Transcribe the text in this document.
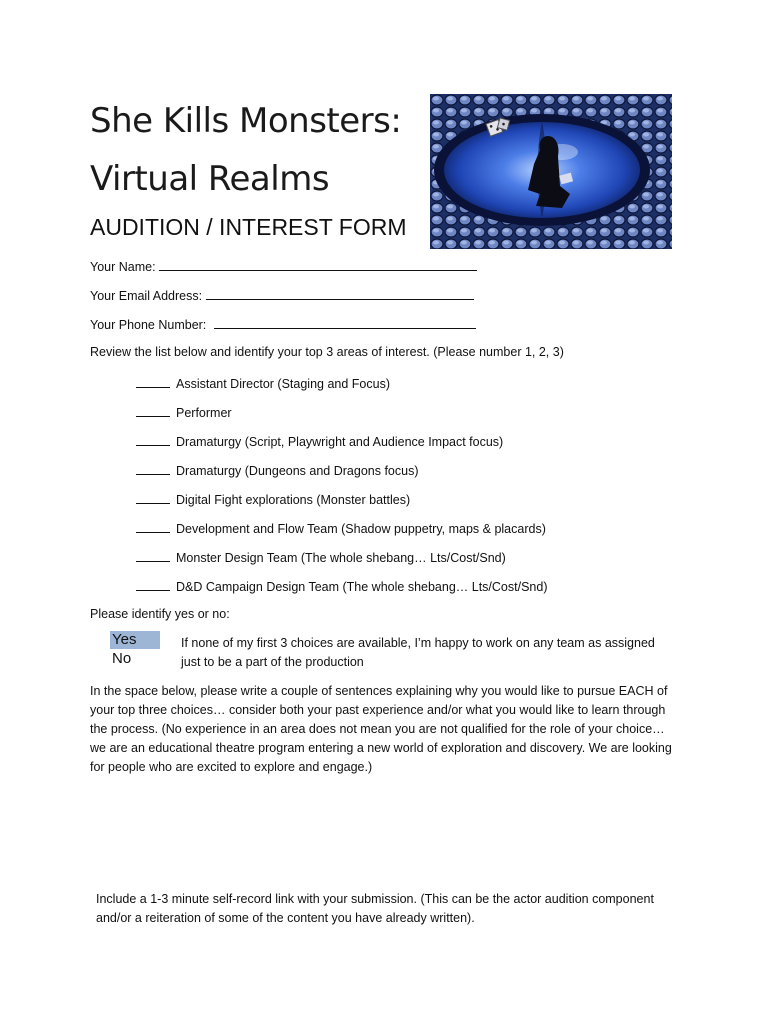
She Kills Monsters:
Virtual Realms
AUDITION / INTEREST FORM
Your Name:
Your Email Address:
Your Phone Number:
Review the list below and identify your top 3 areas of interest. (Please number 1, 2, 3)
Assistant Director (Staging and Focus)
Performer
Dramaturgy (Script, Playwright and Audience Impact focus)
Dramaturgy (Dungeons and Dragons focus)
Digital Fight explorations (Monster battles)
Development and Flow Team (Shadow puppetry, maps & placards)
Monster Design Team (The whole shebang… Lts/Cost/Snd)
D&D Campaign Design Team (The whole shebang… Lts/Cost/Snd)
Please identify yes or no:
Yes
No
If none of my first 3 choices are available, I’m happy to work on any team as assigned
just to be a part of the production
In the space below, please write a couple of sentences explaining why you would like to pursue EACH of
your top three choices… consider both your past experience and/or what you would like to learn through
the process. (No experience in an area does not mean you are not qualified for the role of your choice…
we are an educational theatre program entering a new world of exploration and discovery. We are looking
for people who are excited to explore and engage.)
Include a 1-3 minute self-record link with your submission. (This can be the actor audition component
and/or a reiteration of some of the content you have already written).
